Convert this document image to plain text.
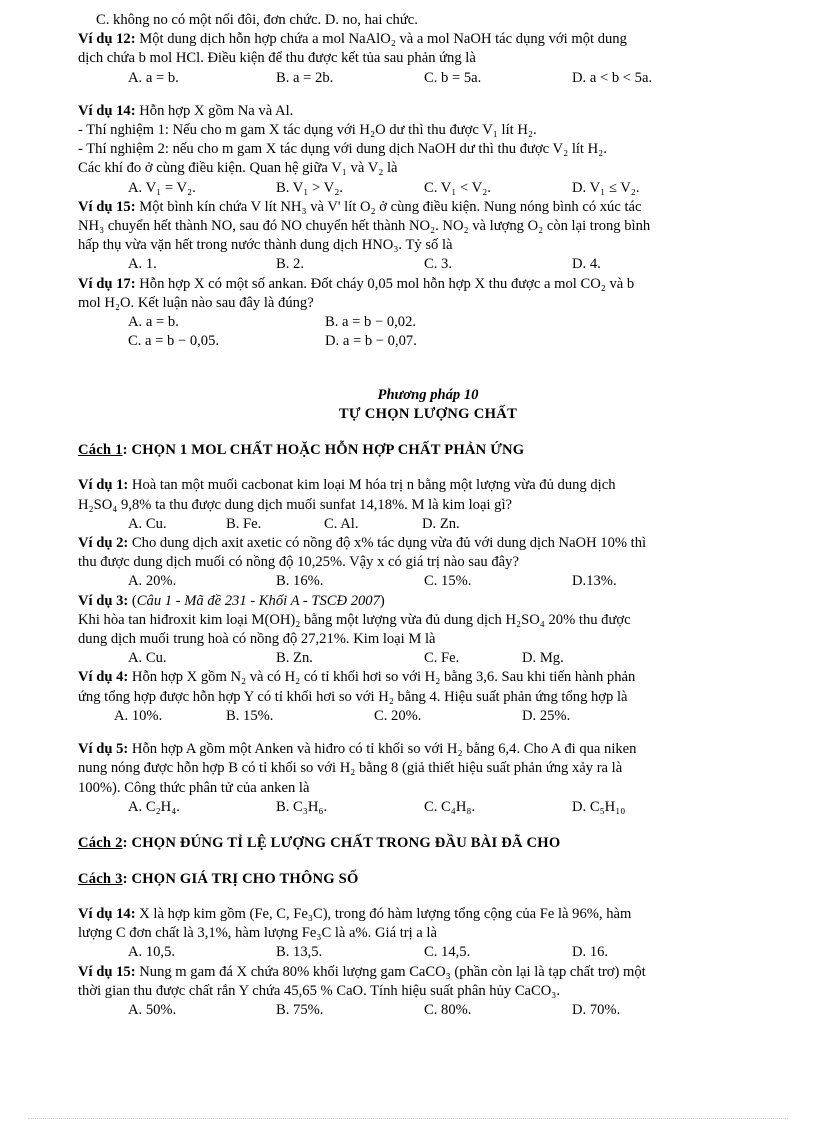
C. không no có một nối đôi, đơn chức. D. no, hai chức.
Ví dụ 12: Một dung dịch hỗn hợp chứa a mol NaAlO₂ và a mol NaOH tác dụng với một dung
dịch chứa b mol HCl. Điều kiện để thu được kết tủa sau phản ứng là
A. a = b.	B. a = 2b.	C. b = 5a.	D. a < b < 5a.
Ví dụ 14: Hỗn hợp X gồm Na và Al.
- Thí nghiệm 1: Nếu cho m gam X tác dụng với H₂O dư thì thu được V₁ lít H₂.
- Thí nghiệm 2: nếu cho m gam X tác dụng với dung dịch NaOH dư thì thu được V₂ lít H₂.
Các khí đo ở cùng điều kiện. Quan hệ giữa V₁ và V₂ là
A. V₁ = V₂.	B. V₁ > V₂.	C. V₁ < V₂.	D. V₁ ≤ V₂.
Ví dụ 15: Một bình kín chứa V lít NH₃ và V' lít O₂ ở cùng điều kiện. Nung nóng bình có xúc tác
NH₃ chuyển hết thành NO, sau đó NO chuyển hết thành NO₂. NO₂ và lượng O₂ còn lại trong bình
hấp thụ vừa vặn hết trong nước thành dung dịch HNO₃. Tỷ số là
A. 1.	B. 2.	C. 3.	D. 4.
Ví dụ 17: Hỗn hợp X có một số ankan. Đốt cháy 0,05 mol hỗn hợp X thu được a mol CO₂ và b
mol H₂O. Kết luận nào sau đây là đúng?
A. a = b.	B. a = b − 0,02.
C. a = b − 0,05.	D. a = b − 0,07.
Phương pháp 10
TỰ CHỌN LƯỢNG CHẤT
Cách 1: CHỌN 1 MOL CHẤT HOẶC HỖN HỢP CHẤT PHẢN ỨNG
Ví dụ 1: Hoà tan một muối cacbonat kim loại M hóa trị n bằng một lượng vừa đủ dung dịch
H₂SO₄ 9,8% ta thu được dung dịch muối sunfat 14,18%. M là kim loại gì?
A. Cu.	B. Fe.	C. Al.	D. Zn.
Ví dụ 2: Cho dung dịch axit axetic có nồng độ x% tác dụng vừa đủ với dung dịch NaOH 10% thì
thu được dung dịch muối có nồng độ 10,25%. Vậy x có giá trị nào sau đây?
A. 20%.	B. 16%.	C. 15%.	D.13%.
Ví dụ 3: (Câu 1 - Mã đề 231 - Khối A - TSCĐ 2007)
Khi hòa tan hiđroxit kim loại M(OH)₂ bằng một lượng vừa đủ dung dịch H₂SO₄ 20% thu được
dung dịch muối trung hoà có nồng độ 27,21%. Kim loại M là
A. Cu.	B. Zn.	C. Fe.	D. Mg.
Ví dụ 4: Hỗn hợp X gồm N₂ và có H₂ có tỉ khối hơi so với H₂ bằng 3,6. Sau khi tiến hành phản
ứng tổng hợp được hỗn hợp Y có tỉ khối hơi so với H₂ bằng 4. Hiệu suất phản ứng tổng hợp là
A. 10%.	B. 15%.	C. 20%.	D. 25%.
Ví dụ 5: Hỗn hợp A gồm một Anken và hiđro có tỉ khối so với H₂ bằng 6,4. Cho A đi qua niken
nung nóng được hỗn hợp B có tỉ khối so với H₂ bằng 8 (giả thiết hiệu suất phản ứng xảy ra là
100%). Công thức phân tử của anken là
A. C₂H₄.	B. C₃H₆.	C. C₄H₈.	D. C₅H₁₀
Cách 2: CHỌN ĐÚNG TỈ LỆ LƯỢNG CHẤT TRONG ĐẦU BÀI ĐÃ CHO
Cách 3: CHỌN GIÁ TRỊ CHO THÔNG SỐ
Ví dụ 14: X là hợp kim gồm (Fe, C, Fe₃C), trong đó hàm lượng tổng cộng của Fe là 96%, hàm
lượng C đơn chất là 3,1%, hàm lượng Fe₃C là a%. Giá trị a là
A. 10,5.	B. 13,5.	C. 14,5.	D. 16.
Ví dụ 15: Nung m gam đá X chứa 80% khối lượng gam CaCO₃ (phần còn lại là tạp chất trơ) một
thời gian thu được chất rắn Y chứa 45,65 % CaO. Tính hiệu suất phân hủy CaCO₃.
A. 50%.	B. 75%.	C. 80%.	D. 70%.
